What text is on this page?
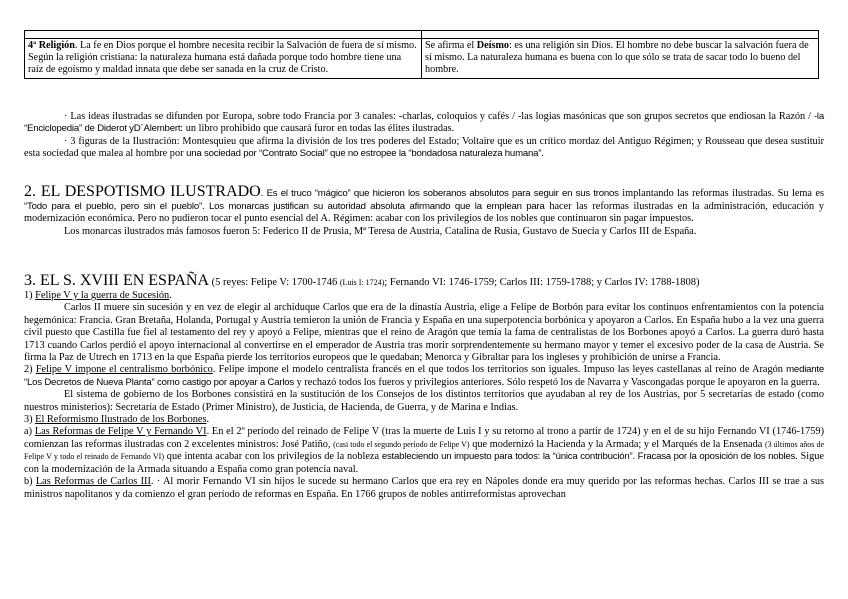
4ª Religión. La fe en Dios porque el hombre necesita recibir la Salvación de fuera de sí mismo. Según la religión cristiana: la naturaleza humana está dañada porque todo hombre tiene una raíz de egoísmo y maldad innata que debe ser sanada en la cruz de Cristo.	Se afirma el Deísmo: es una religión sin Dios. El hombre no debe buscar la salvación fuera de sí mismo. La naturaleza humana es buena con lo que sólo se trata de sacar todo lo bueno del hombre.

· Las ideas ilustradas se difunden por Europa, sobre todo Francia por 3 canales: -charlas, coloquios y cafés / -las logias masónicas que son grupos secretos que endiosan la Razón / -la “Enciclopedia” de Diderot yD´Alembert: un libro prohibido que causará furor en todas las élites ilustradas.

· 3 figuras de la Ilustración: Montesquieu que afirma la división de los tres poderes del Estado; Voltaire que es un crítico mordaz del Antiguo Régimen; y Rousseau que desea sustituir esta sociedad que malea al hombre por una sociedad por “Contrato Social” que no estropee la “bondadosa naturaleza humana”.

2. EL DESPOTISMO ILUSTRADO. Es el truco “mágico” que hicieron los soberanos absolutos para seguir en sus tronos implantando las reformas ilustradas. Su lema es “Todo para el pueblo, pero sin el pueblo”. Los monarcas justifican su autoridad absoluta afirmando que la emplean para hacer las reformas ilustradas en la administración, educación y modernización económica. Pero no pudieron tocar el punto esencial del A. Régimen: acabar con los privilegios de los nobles que continuaron sin pagar impuestos.

Los monarcas ilustrados más famosos fueron 5: Federico II de Prusia, Mª Teresa de Austria, Catalina de Rusia, Gustavo de Suecia y Carlos III de España.

3. EL S. XVIII EN ESPAÑA (5 reyes: Felipe V: 1700-1746 (Luis I: 1724); Fernando VI: 1746-1759; Carlos III: 1759-1788; y Carlos IV: 1788-1808)

1) Felipe V y la guerra de Sucesión.

Carlos II muere sin sucesión y en vez de elegir al archiduque Carlos que era de la dinastía Austria, elige a Felipe de Borbón para evitar los continuos enfrentamientos con la potencia hegemónica: Francia. Gran Bretaña, Holanda, Portugal y Austria temieron la unión de Francia y España en una superpotencia borbónica y apoyaron a Carlos. En España hubo a la vez una guerra civil puesto que Castilla fue fiel al testamento del rey y apoyó a Felipe, mientras que el reino de Aragón que temía la fama de centralistas de los Borbones apoyó a Carlos. La guerra duró hasta 1713 cuando Carlos perdió el apoyo internacional al convertirse en el emperador de Austria tras morir sorprendentemente su hermano mayor y temer el excesivo poder de la casa de Austria. Se firma la Paz de Utrech en 1713 en la que España pierde los territorios europeos que le quedaban; Menorca y Gibraltar para los ingleses y prohibición de unirse a Francia.

2) Felipe V impone el centralismo borbónico. Felipe impone el modelo centralista francés en el que todos los territorios son iguales. Impuso las leyes castellanas al reino de Aragón mediante “Los Decretos de Nueva Planta” como castigo por apoyar a Carlos y rechazó todos los fueros y privilegios anteriores. Sólo respetó los de Navarra y Vascongadas porque le apoyaron en la guerra.

El sistema de gobierno de los Borbones consistirá en la sustitución de los Consejos de los distintos territorios que ayudaban al rey de los Austrias, por 5 secretarías de estado (como nuestros ministerios): Secretaría de Estado (Primer Ministro), de Justicia, de Hacienda, de Guerra, y de Marina e Indias.

3) El Reformismo Ilustrado de los Borbones.

a) Las Reformas de Felipe V y Fernando VI. En el 2º período del reinado de Felipe V (tras la muerte de Luis I y su retorno al trono a partir de 1724) y en el de su hijo Fernando VI (1746-1759) comienzan las reformas ilustradas con 2 excelentes ministros: José Patiño, (casi todo el segundo período de Felipe V) que modernizó la Hacienda y la Armada; y el Marqués de la Ensenada (3 últimos años de Felipe V y todo el reinado de Fernando VI) que intenta acabar con los privilegios de la nobleza estableciendo un impuesto para todos: la “única contribución”. Fracasa por la oposición de los nobles. Sigue con la modernización de la Armada situando a España como gran potencia naval.

b) Las Reformas de Carlos III. · Al morir Fernando VI sin hijos le sucede su hermano Carlos que era rey en Nápoles donde era muy querido por las reformas hechas. Carlos III se trae a sus ministros napolitanos y da comienzo el gran período de reformas en España. En 1766 grupos de nobles antirreformistas aprovechan
